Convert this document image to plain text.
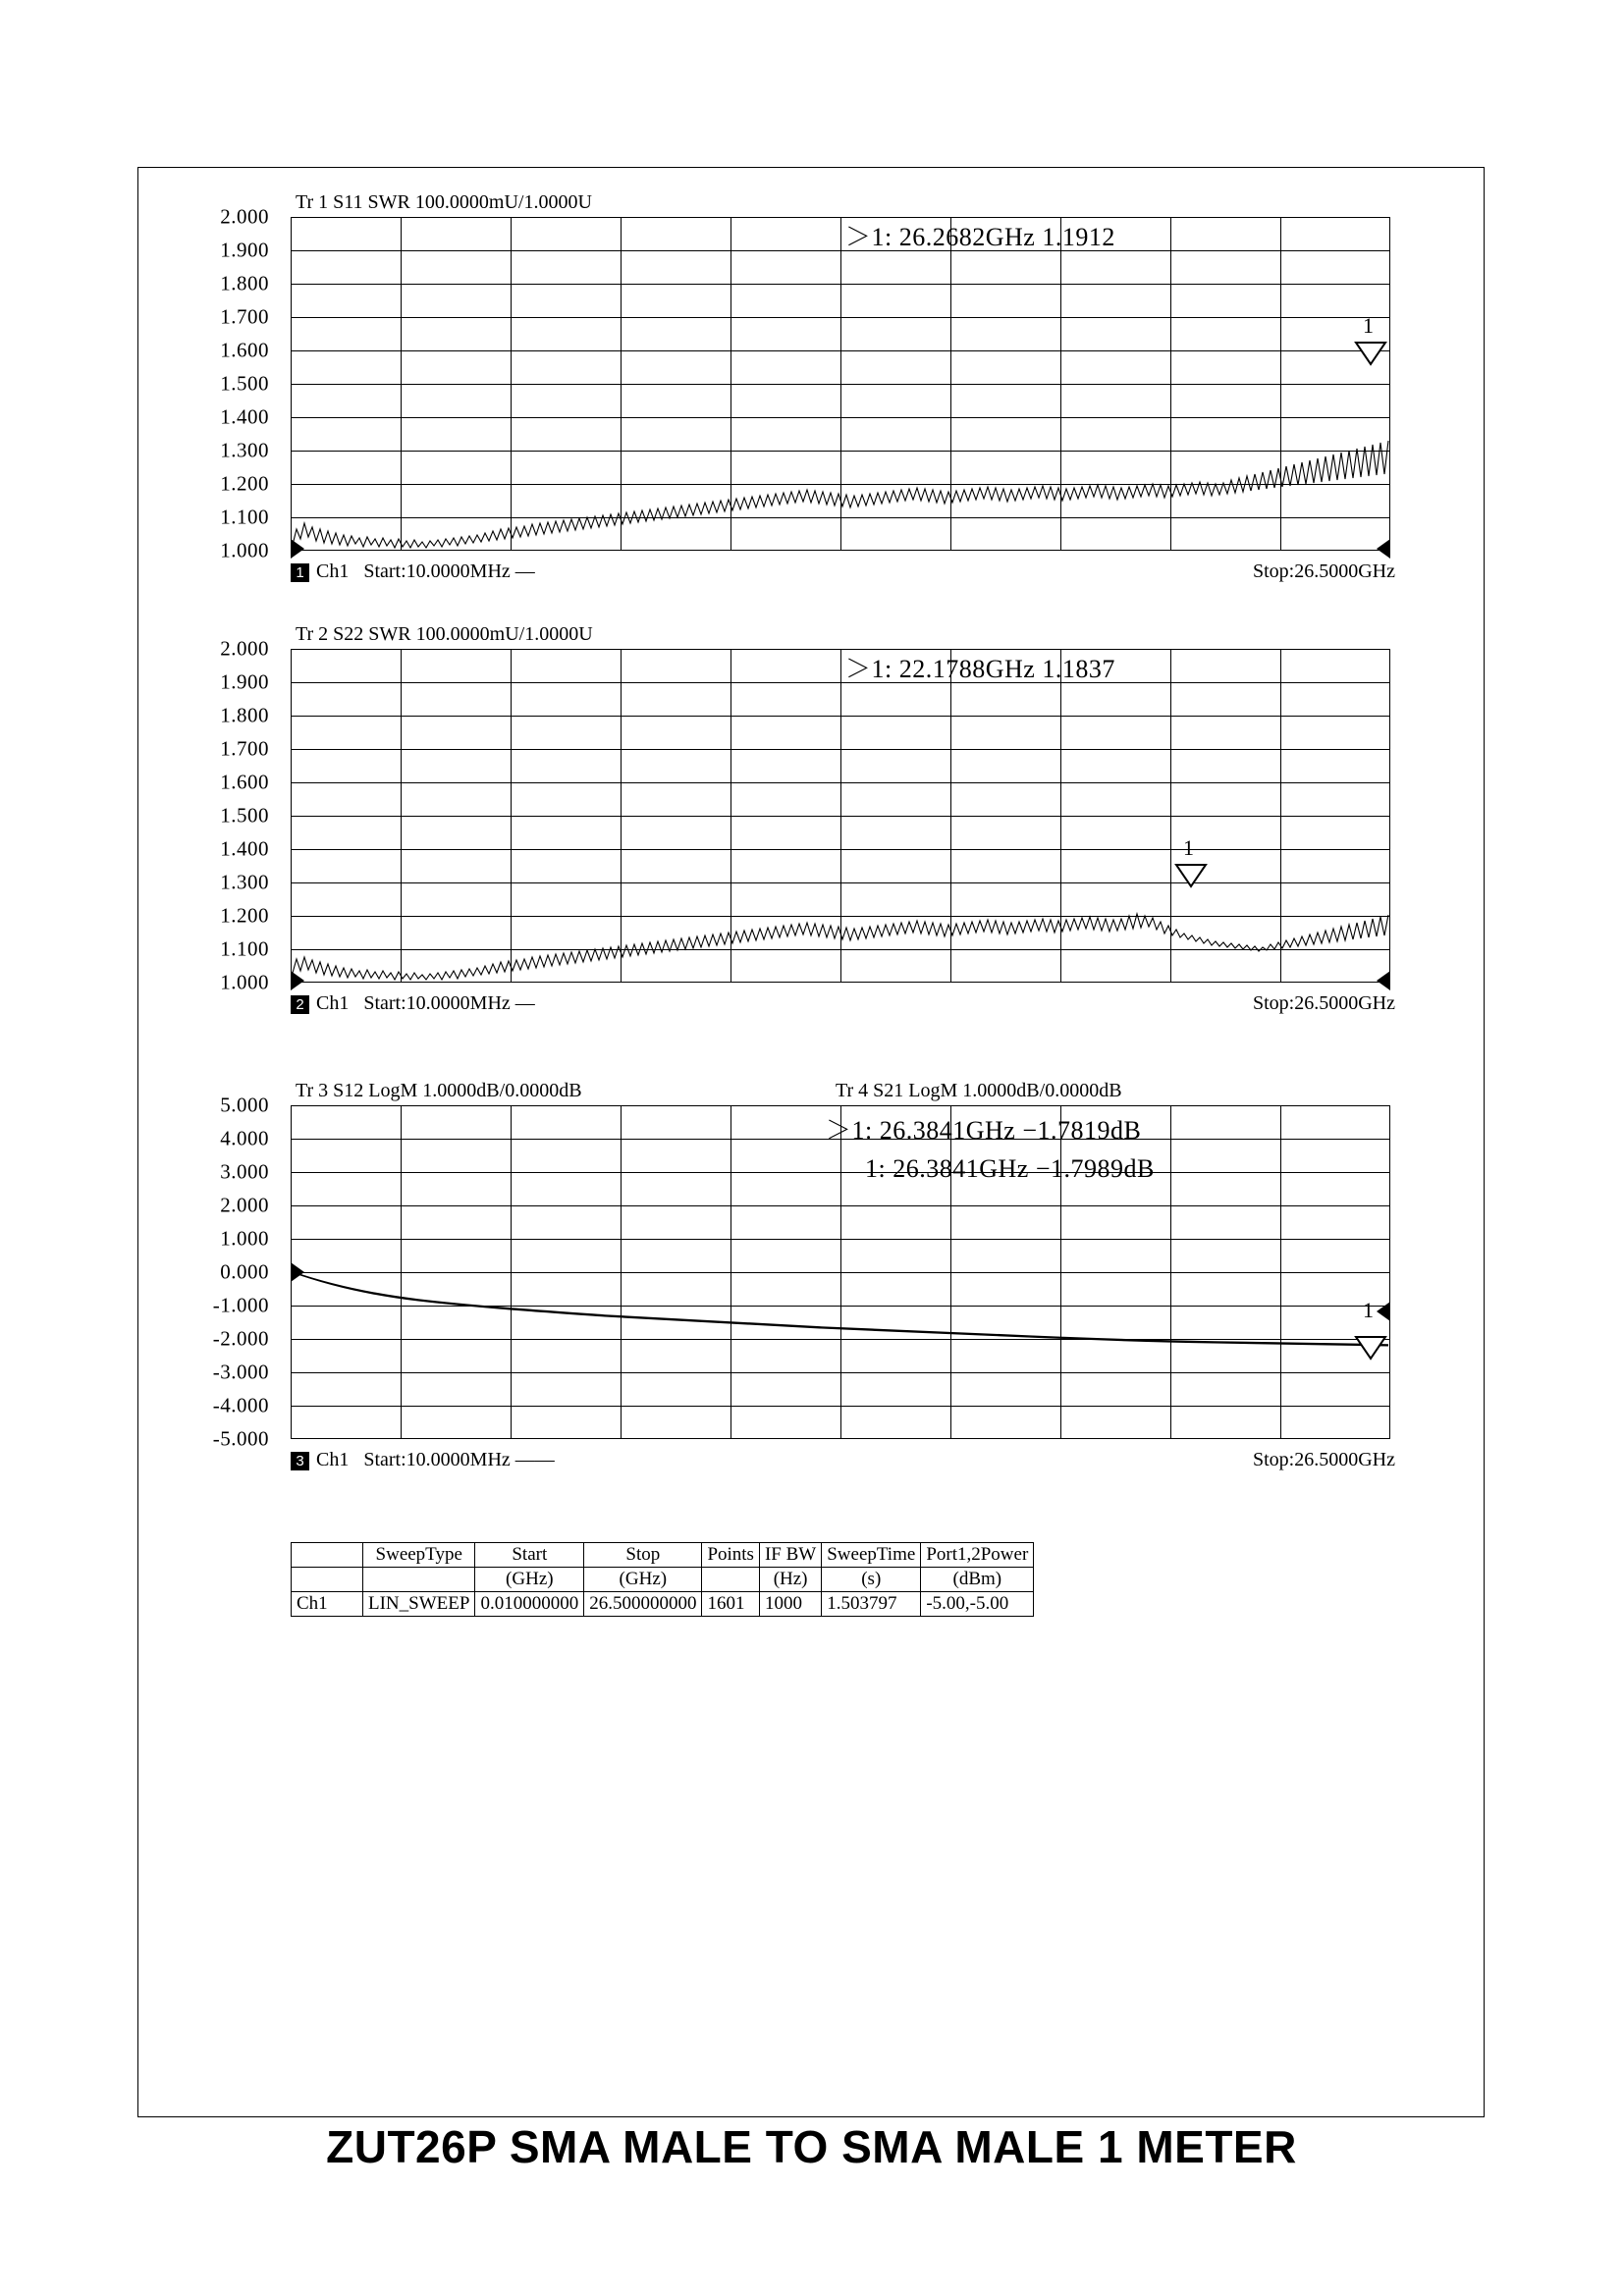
Tr 1 S11 SWR 100.0000mU/1.0000U
2.000
1.900
1.800
1.700
1.600
1.500
1.400
1.300
1.200
1.100
1.000
1
＞1: 26.2682GHz 1.1912
1 Ch1 Start:10.0000MHz —	Stop:26.5000GHz
Tr 2 S22 SWR 100.0000mU/1.0000U
2.000
1.900
1.800
1.700
1.600
1.500
1.400
1.300
1.200
1.100
1.000
1
＞1: 22.1788GHz 1.1837
2 Ch1 Start:10.0000MHz —	Stop:26.5000GHz
Tr 3 S12 LogM 1.0000dB/0.0000dB	Tr 4 S21 LogM 1.0000dB/0.0000dB
5.000
4.000
3.000
2.000
1.000
0.000
-1.000
-2.000
-3.000
-4.000
-5.000
1
＞1: 26.3841GHz −1.7819dB
1: 26.3841GHz −1.7989dB
3 Ch1 Start:10.0000MHz ——	Stop:26.5000GHz
	SweepType	Start	Stop	Points	IF BW	SweepTime	Port1,2Power
		(GHz)	(GHz)		(Hz)	(s)	(dBm)
Ch1	LIN_SWEEP	0.010000000	26.500000000	1601	1000	1.503797	-5.00,-5.00
ZUT26P SMA MALE TO SMA MALE 1 METER
